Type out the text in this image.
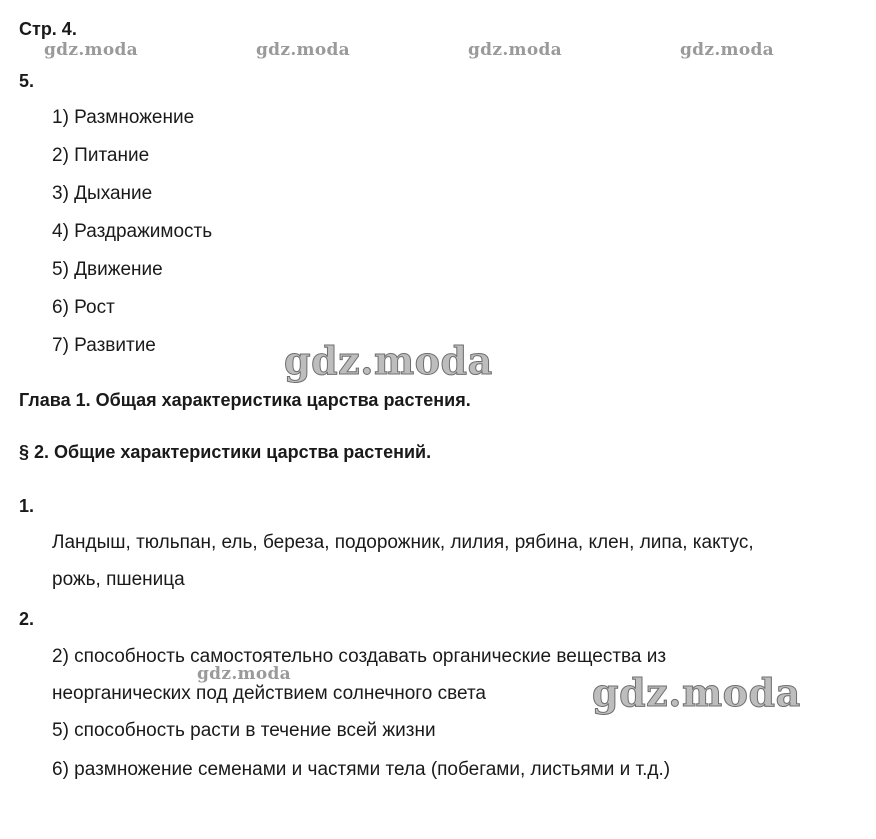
Стр. 4.
gdz.moda	gdz.moda	gdz.moda	gdz.moda
5.
1) Размножение
2) Питание
3) Дыхание
4) Раздражимость
5) Движение
6) Рост
7) Развитие	gdz.moda
Глава 1. Общая характеристика царства растения.
§ 2. Общие характеристики царства растений.
1.
Ландыш, тюльпан, ель, береза, подорожник, лилия, рябина, клен, липа, кактус,
рожь, пшеница
2.
2) способность самостоятельно создавать органические вещества из
gdz.moda
неорганических под действием солнечного света	gdz.moda
5) способность расти в течение всей жизни
6) размножение семенами и частями тела (побегами, листьями и т.д.)
